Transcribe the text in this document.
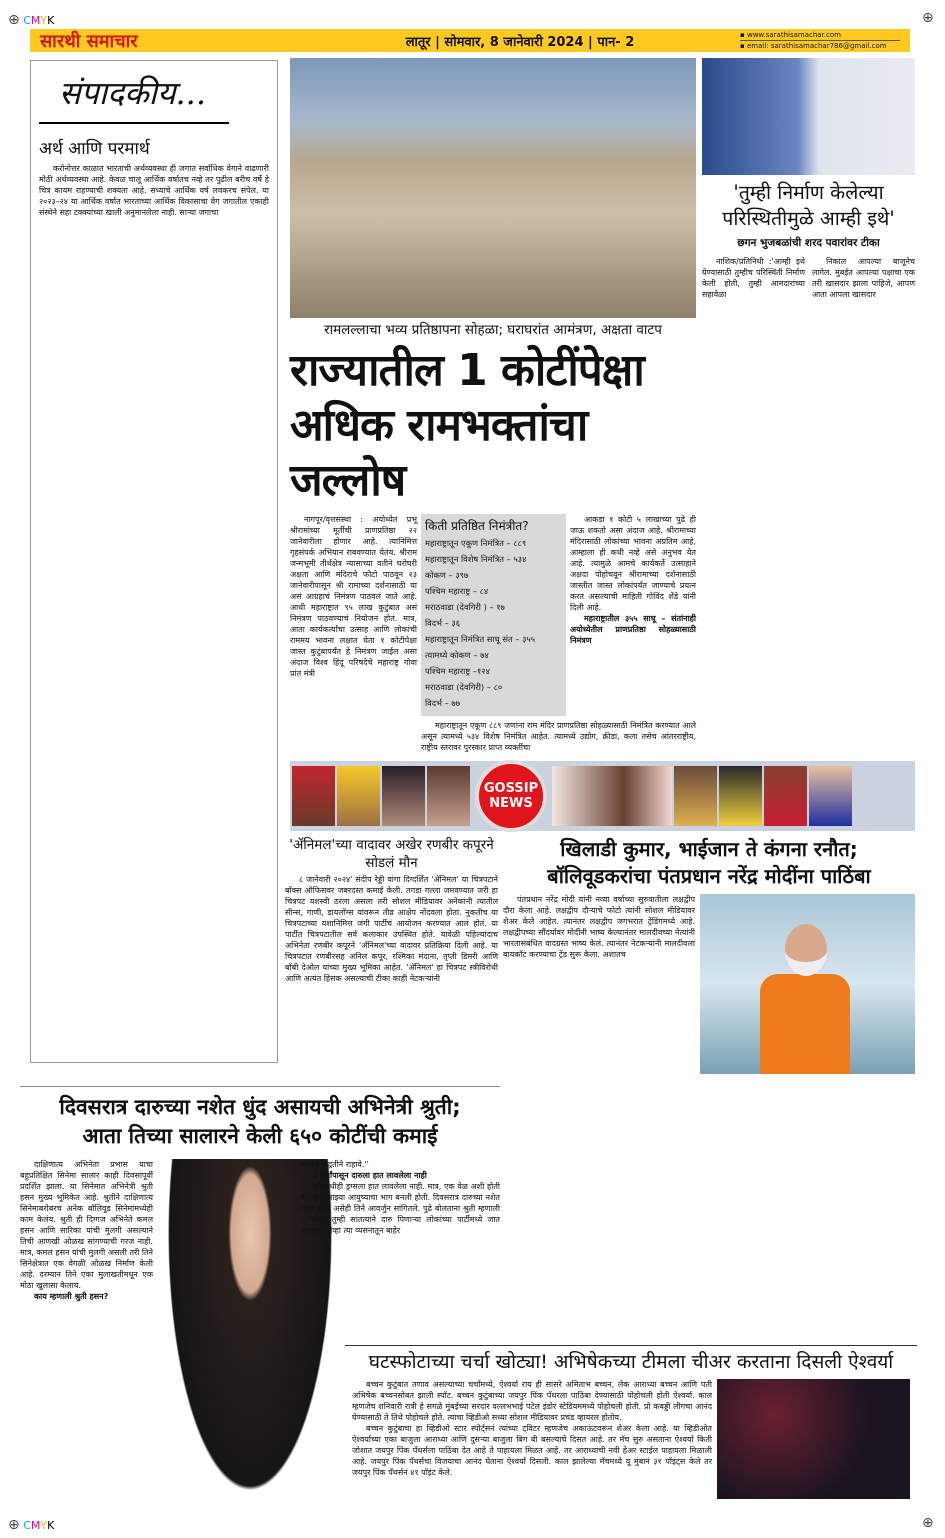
⊕ CMYK	⊕
सारथी समाचार	लातूर | सोमवार, 8 जानेवारी 2024 | पान- 2	▪ www.sarathisamachar.com
▪ email: sarathisamachar786@gmail.com
संपादकीय...
अर्थ आणि परमार्थ

करोनोत्तर काळात भारताची अर्थव्यवस्था ही जगात सर्वाधिक वेगाने वाढणारी मोठी अर्थव्यवस्था आहे. केवळ चालू आर्थिक वर्षातच नव्हे तर पुढील बरीच वर्षे हे चित्र कायम राहण्याची शक्यता आहे. सध्याचे आर्थिक वर्ष लवकरच संपेल. या २०२३–२४ या आर्थिक वर्षात भारताच्या आर्थिक विकासाचा वेग जगातील एकाही संस्थेने सहा टक्क्यांच्या खाली अनुमानलेला नाही. साऱ्या जगाचा

रामलल्लाचा भव्य प्रतिष्ठापना सोहळा; घराघरांत आमंत्रण, अक्षता वाटप
राज्यातील 1 कोटींपेक्षा
अधिक रामभक्तांचा जल्लोष

नागपूर/वृत्तसंस्था : अयोध्येत प्रभू श्रीरामांच्या मूर्तीची प्राणप्रतिष्ठा २२ जानेवारीला होणार आहे. त्यानिमित्त गृहसंपर्क अभियान राबवण्यात येतंय. श्रीराम जन्मभूमी तीर्थक्षेत्र न्यासाच्या वतीने घरोघरी अक्षता आणि मंदिराचे फोटो पाठवून २३ जानेवारीपासून श्री रामाच्या दर्शनासाठी या असं आग्रहाचं निमंत्रण पाठवलं जाते आहे. आधी महाराष्ट्रात ९५ लाख कुटुंबात असं निमंत्रण पाठवण्याचं नियोजन होतं. मात्र, आता कार्यकर्त्यांचा उत्साह आणि लोकांची राममय भावना लक्षात घेता १ कोटीपेक्षा जास्त कुटुंबापर्यंत हे निमंत्रण जाईल असा अंदाज विश्व हिंदू परिषदेचे महाराष्ट्र गोवा प्रांत मंत्री

किती प्रतिष्ठित निमंत्रीत?
महाराष्ट्रातून एकूण निमंत्रित – ८८९
महाराष्ट्रातून विशेष निमंत्रित – ५३४
कोकण – ३९७
पश्चिम महाराष्ट्र – ८४
मराठवाडा (देवगिरी ) – १७
विदर्भ – ३६
महाराष्ट्रातून निमंत्रित साधू संत – ३५५
त्यामध्ये कोकण – ७४
पश्चिम महाराष्ट्र –१२४
मराठवाडा (देवगिरी) – ८०
विदर्भ – ७७

आकडा १ कोटी ५ लाखाच्या पुढे ही जाऊ शकतो असा अंदाज आहे. श्रीरामाच्या मंदिरासाठी लोकांच्या भावना अप्रतिम आहे, आम्हाला ही कधी नव्हे असे अनुभव येत आहे. त्यामुळे आमचे कार्यकर्ते उत्साहाने अक्षदा पोहोचवून श्रीरामाच्या दर्शनासाठी जास्तीत जास्त लोकांपर्यंत जाण्याचे प्रयत्न करत असल्याची माहिती गोविंद शेंडे यांनी दिली आहे.

महाराष्ट्रातील ३५५ साधू – संतांनाही अयोध्येतील प्राणप्रतिष्ठा सोहळ्यासाठी निमंत्रण

महाराष्ट्रातून एकूण ८८९ जणांना राम मंदिर प्राणप्रतिष्ठा सोहळ्यासाठी निमंत्रित करण्यात आले असून त्यामध्ये ५३४ विशेष निमंत्रित आहेत. त्यामध्ये उद्योग, क्रीडा, कला तसेच आंतरराष्ट्रीय, राष्ट्रीय स्तरावर पुरस्कार प्राप्त व्यक्तींचा

'तुम्ही निर्माण केलेल्या परिस्थितीमुळे आम्ही इथे'
छगन भुजबळांची शरद पवारांवर टीका

नाशिक/प्रतिनिधी :'आम्ही इथे येण्यासाठी तुम्हीच परिस्थिती निर्माण केली होती, तुम्ही आमदारांच्या सहावेळा

निकाल आपल्या बाजूनेच लागेल. मुंबईत आपल्या पक्षाचा एक तरी खासदार झाला पाहिजे, आपण आता आपला खासदार

GOSSIP
NEWS
'ॲनिमल'च्या वादावर अखेर रणबीर कपूरने सोडलं मौन

८ जानेवारी २०२४' संदीप रेड्डी वांगा दिग्दर्शित 'ॲनिमल' या चित्रपटाने बॉक्स ऑफिसवर जबरदस्त कमाई केली. तगडा गल्ला जमवण्यात जरी हा चित्रपट यशस्वी ठरला असला तरी सोशल मीडियावर अनेकांनी त्यातील सीन्स, गाणी, डायलॉग्स यांवरून तीव्र आक्षेप नोंदवला होता. नुकतीच या चित्रपटाच्या यशानिमित्त जंगी पार्टीचं आयोजन करण्यात आलं होतं. या पार्टीत चित्रपटातील सर्व कलाकार उपस्थित होते. यावेळी पहिल्यांदाच अभिनेता रणबीर कपूरने 'ॲनिमल'च्या वादावर प्रतिक्रिया दिली आहे. या चित्रपटात रणबीरसह अनिल कपूर, रश्मिका मंदाना, तृप्ती डिमरी आणि बॉबी देओल यांच्या मुख्य भूमिका आहेत. 'ॲनिमल' हा चित्रपट स्त्रीविरोधी आणि अत्यंत हिंसक असल्याची टीका काही नेटकऱ्यांनी

खिलाडी कुमार, भाईजान ते कंगना रनौत;
बॉलिवूडकरांचा पंतप्रधान नरेंद्र मोदींना पाठिंबा

पंतप्रधान नरेंद्र मोदी यांनी नव्या वर्षाच्या सुरुवातीला लक्षद्वीप दौरा केला आहे. लक्षद्वीप दौऱ्याचे फोटो त्यांनी सोशल मीडियावर शेअर केले आहेत. त्यानंतर लक्षद्वीप जगभरात ट्रेंडिंगमध्ये आहे. लक्षद्वीपच्या सौंदर्यावर मोदींनी भाष्य केल्यानंतर मालदीवच्या नेत्यांनी भारतासंबंधित वादग्रस्त भाष्य केलं. त्यानंतर नेटकऱ्यांनी मालदीवला बायकॉट करण्याचा ट्रेंड सुरू केला. अशातच

दिवसरात्र दारुच्या नशेत धुंद असायची अभिनेत्री श्रुती;
आता तिच्या सालारने केली ६५० कोटींची कमाई

दाक्षिणात्य अभिनेता प्रभास याचा बहुप्रतिक्षित सिनेमा सालार काही दिवसांपूर्वी प्रदर्शित झाला. या सिनेमात अभिनेत्री श्रुती हसन मुख्य भूमिकेत आहे. श्रुतीने दाक्षिणात्य सिनेमाबरोबरच अनेक बॉलिवूड सिनेमांमध्येही काम केलंय. श्रुती ही दिग्गज अभिनेते कमल हसन आणि सारिका यांची मुलगी असल्याने तिची आणखी ओळख सांगण्याची गरज नाही. मात्र, कमल हसन यांची मुलगी असली तरी तिने सिनेक्षेत्रात एक वेगळी ओळख निर्माण केली आहे. दरम्यान तिने एका मुलाखतीमधून एक मोठा खुलासा केलाय.

काय म्हणाली श्रुती हसन?

असाच पद्धतीने राहावे.''

८ वर्षांपासून दारुला हात लावलेला नाही

मी कधीही ड्रग्सला हात लावलेला नाही. मात्र, एक वेळ अशी होती की, दारु माझ्या आयुष्याचा भाग बनली होती. दिवसरात्र दारुच्या नशेत राहत होते, असेही तिने आवर्जुन सांगितले. पुढे बोलताना श्रुती म्हणाली , ''जेव्हा तुम्ही सातत्याने दारु पिणाऱ्या लोकांच्या पार्टीमध्ये जात असतात, तेव्हा त्या व्यसनातून बाहेर

घटस्फोटाच्या चर्चा खोट्या! अभिषेकच्या टीमला चीअर करताना दिसली ऐश्वर्या

बच्चन कुटुंबात तणाव असल्याच्या चर्चांमध्ये, ऐश्वर्या राय ही सासरे अमिताभ बच्चन, लेक आराध्या बच्चन आणि पती अभिषेक बच्चनसोबत झाली स्पॉट. बच्चन कुटुंबाच्या जयपुर पिंक पँथरला पाठिंबा देण्यासाठी पोहोचली होती ऐश्वर्या. काल म्हणजेच शनिवारी रात्री हे सगळे मुंबईच्या सरदार वल्लभभाई पटेल इंडोर स्टेडियममध्ये पोहोचली होती. प्रो कबड्डी लीगचा आनंद घेण्यासाठी ते तिथे पोहोचले होते. त्याचा व्हिडीओ सध्या सोशल मीडियावर प्रचंड व्हायरल होतोय.

बच्चन कुटुंबाचा हा व्हिडीओ स्टार स्पोर्ट्सनं त्यांच्या ट्विटर म्हणजेच अकाऊंटवरून शेअर केला आहे. या व्हिडीओत ऐश्वर्याच्या एका बाजुला आराध्या आणि दुसऱ्या बाजुला बिग बी बसल्याचे दिसत आहे. तर मॅच सुरु असताना ऐश्वर्या किती जोशात जयपुर पिंक पँथर्सला पाठिंबा देत आहे ते पाहायला मिळत आहे. तर आराध्याची नवी हेअर स्टाईल पाहायला मिळाली आहे. जयपुर पिंक पँथर्सचा विजयाचा आनंद घेताना ऐश्वर्या दिसली. काल झालेल्या मॅचमध्ये यू मुंबानं ३१ पॉइंट्स केले तर जयपुर पिंक पँथर्सनं ४१ पॉइंट केले.

⊕ CMYK	⊕
